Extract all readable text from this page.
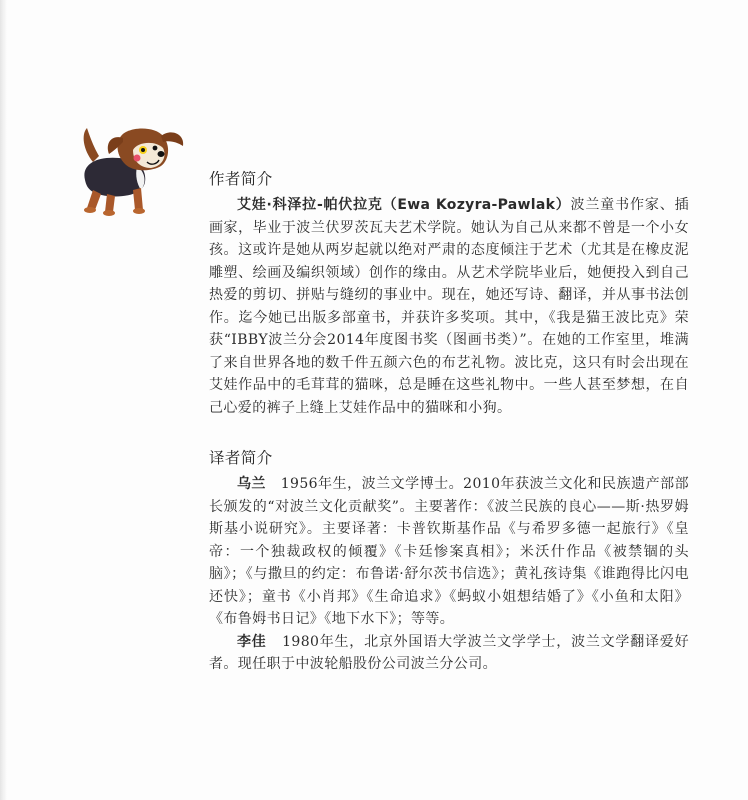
作者简介

艾娃·科泽拉-帕伏拉克（Ewa Kozyra-Pawlak）波兰童书作家、插画家，毕业于波兰伏罗茨瓦夫艺术学院。她认为自己从来都不曾是一个小女孩。这或许是她从两岁起就以绝对严肃的态度倾注于艺术（尤其是在橡皮泥雕塑、绘画及编织领域）创作的缘由。从艺术学院毕业后，她便投入到自己热爱的剪切、拼贴与缝纫的事业中。现在，她还写诗、翻译，并从事书法创作。迄今她已出版多部童书，并获许多奖项。其中，《我是猫王波比克》荣获“IBBY波兰分会2014年度图书奖（图画书类）”。在她的工作室里，堆满了来自世界各地的数千件五颜六色的布艺礼物。波比克，这只有时会出现在艾娃作品中的毛茸茸的猫咪，总是睡在这些礼物中。一些人甚至梦想，在自己心爱的裤子上缝上艾娃作品中的猫咪和小狗。

译者简介

乌兰 1956年生，波兰文学博士。2010年获波兰文化和民族遗产部部长颁发的“对波兰文化贡献奖”。主要著作：《波兰民族的良心——斯·热罗姆斯基小说研究》。主要译著：卡普钦斯基作品《与希罗多德一起旅行》《皇帝：一个独裁政权的倾覆》《卡廷惨案真相》；米沃什作品《被禁锢的头脑》；《与撒旦的约定：布鲁诺·舒尔茨书信选》；黄礼孩诗集《谁跑得比闪电还快》；童书《小肖邦》《生命追求》《蚂蚁小姐想结婚了》《小鱼和太阳》《布鲁姆书日记》《地下水下》；等等。

李佳 1980年生，北京外国语大学波兰文学学士，波兰文学翻译爱好者。现任职于中波轮船股份公司波兰分公司。
